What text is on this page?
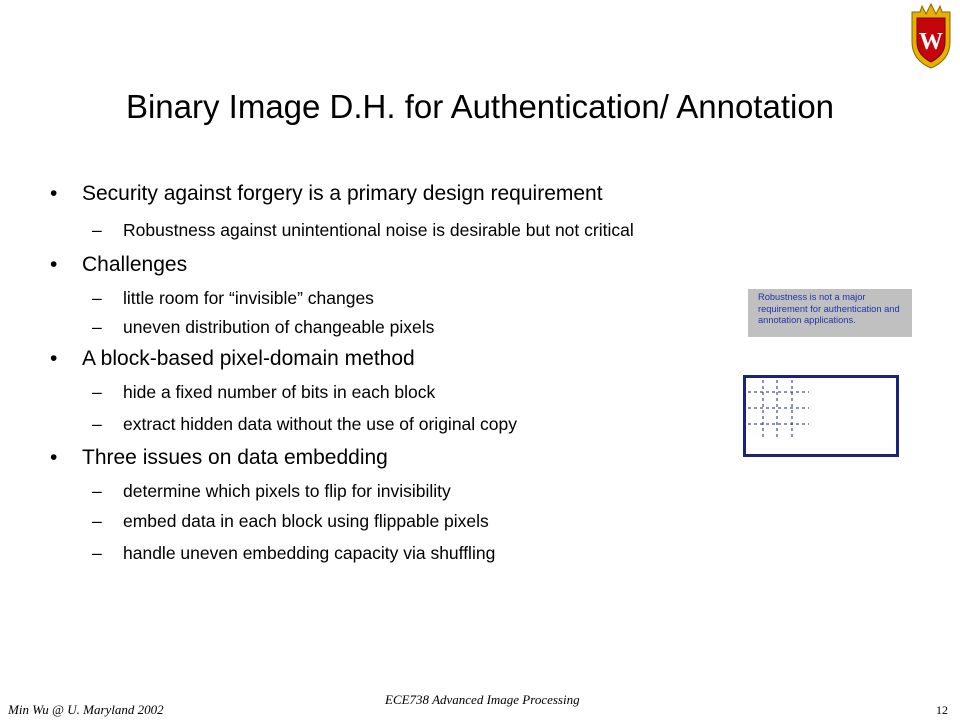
W
Binary Image D.H. for Authentication/ Annotation
• Security against forgery is a primary design requirement
– Robustness against unintentional noise is desirable but not critical
• Challenges
– little room for “invisible” changes
– uneven distribution of changeable pixels
• A block-based pixel-domain method
– hide a fixed number of bits in each block
– extract hidden data without the use of original copy
• Three issues on data embedding
– determine which pixels to flip for invisibility
– embed data in each block using flippable pixels
– handle uneven embedding capacity via shuffling
Robustness is not a major requirement for authentication and annotation applications.
Min Wu @ U. Maryland 2002
ECE738 Advanced Image Processing
12
